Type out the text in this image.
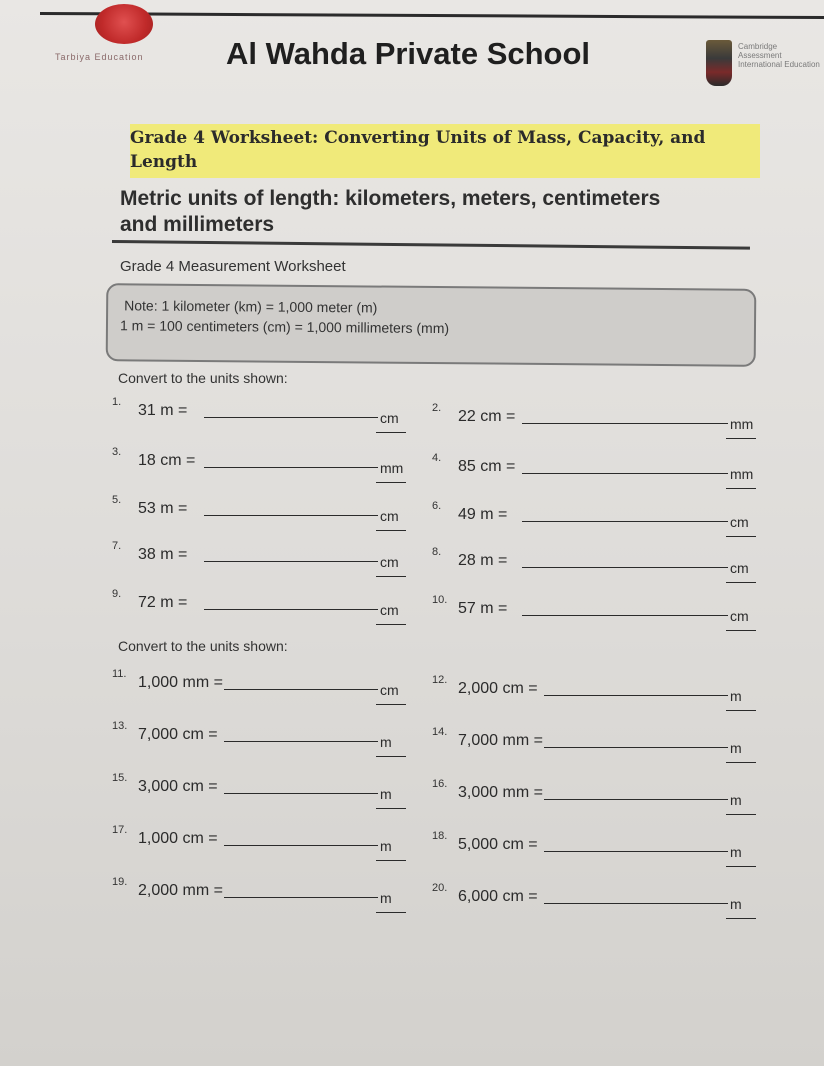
Tarbiya Education	Al Wahda Private School	Cambridge
Assessment
International Education
Grade 4 Worksheet: Converting Units of Mass, Capacity, and Length
Metric units of length: kilometers, meters, centimeters and millimeters
Grade 4 Measurement Worksheet
Note: 1 kilometer (km) = 1,000 meter (m)
1 m = 100 centimeters (cm) = 1,000 millimeters (mm)
Convert to the units shown:
Convert to the units shown:
1. 31 m =	cm
2. 22 cm =	mm
3. 18 cm =	mm
4. 85 cm =	mm
5. 53 m =	cm
6. 49 m =	cm
7. 38 m =	cm
8. 28 m =	cm
9. 72 m =	cm
10. 57 m =	cm
11. 1,000 mm =	cm
12. 2,000 cm =	m
13. 7,000 cm =	m
14. 7,000 mm =	m
15. 3,000 cm =	m
16. 3,000 mm =	m
17. 1,000 cm =	m
18. 5,000 cm =	m
19. 2,000 mm =	m
20. 6,000 cm =	m
